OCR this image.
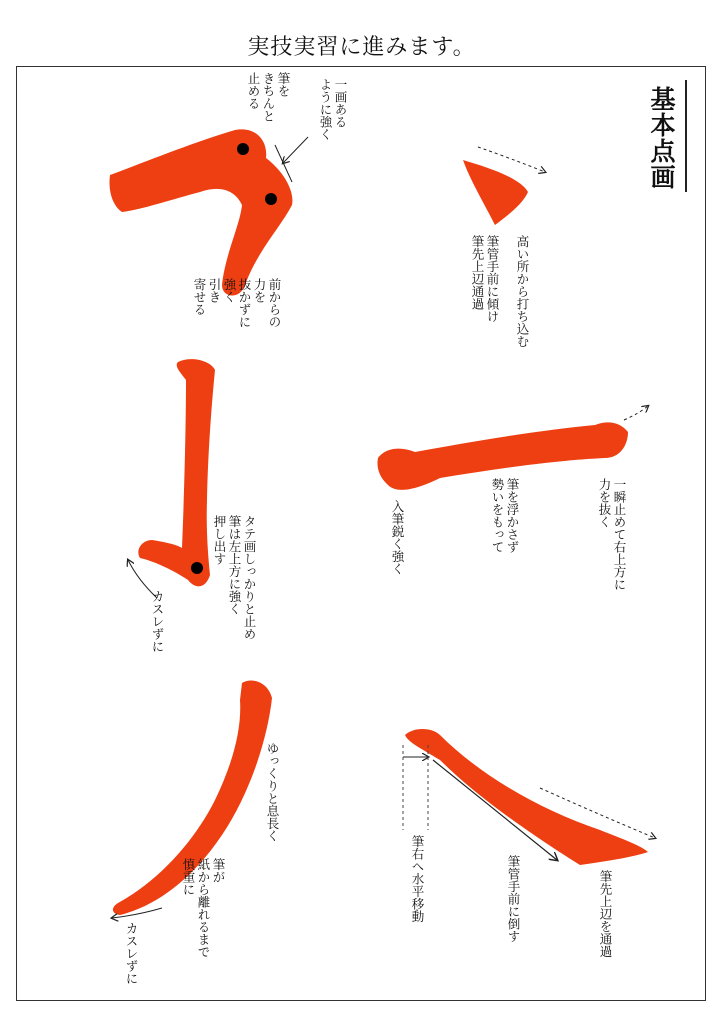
実技実習に進みます。
基本点画
筆を
きちんと
止める	一画ある
ように強く
前からの
力を
抜かずに
強く
引き
寄せる	高い所から打ち込む
筆管手前に傾け
筆先上辺通過
入筆鋭く強く	筆を浮かさず
勢いをもって	一瞬止めて右上方に
力を抜く
タテ画しっかりと止め
筆は左上方に強く
押し出す
カスレずに
ゆっくりと息長く
筆が
紙から離れるまで
慎重に
カスレずに
筆右へ水平移動	筆管手前に倒す	筆先上辺を通過
